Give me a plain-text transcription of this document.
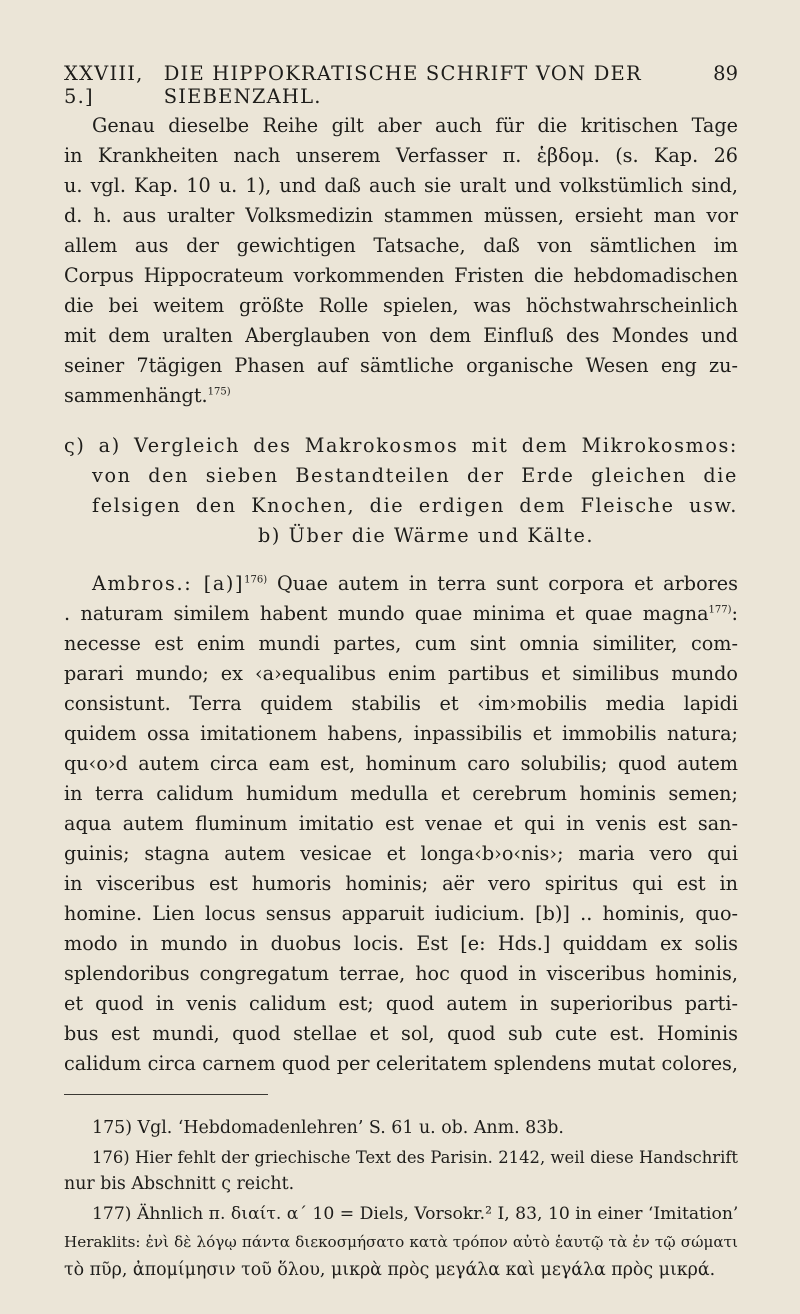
XXVIII, 5.]
DIE HIPPOKRATISCHE SCHRIFT VON DER SIEBENZAHL.
89
Genau dieselbe Reihe gilt aber auch für die kritischen Tage
in Krankheiten nach unserem Verfasser π. ἑβδομ. (s. Kap. 26
u. vgl. Kap. 10 u. 1), und daß auch sie uralt und volkstümlich sind,
d. h. aus uralter Volksmedizin stammen müssen, ersieht man vor
allem aus der gewichtigen Tatsache, daß von sämtlichen im
Corpus Hippocrateum vorkommenden Fristen die hebdomadischen
die bei weitem größte Rolle spielen, was höchstwahrscheinlich
mit dem uralten Aberglauben von dem Einfluß des Mondes und
seiner 7tägigen Phasen auf sämtliche organische Wesen eng zu-
sammenhängt.$^{175)}$
ς) a) Vergleich des Makrokosmos mit dem Mikrokosmos:
von den sieben Bestandteilen der Erde gleichen die
felsigen den Knochen, die erdigen dem Fleische usw.
b) Über die Wärme und Kälte.
Ambros.: $[a)]^{176)}$ Quae autem in terra sunt corpora et arbores
. naturam similem habent mundo quae minima et quae magna$^{177)}$:
necesse est enim mundi partes, cum sint omnia similiter, com-
parari mundo; ex ‹a›equalibus enim partibus et similibus mundo
consistunt. Terra quidem stabilis et ‹im›mobilis media lapidi
quidem ossa imitationem habens, inpassibilis et immobilis natura;
qu‹o›d autem circa eam est, hominum caro solubilis; quod autem
in terra calidum humidum medulla et cerebrum hominis semen;
aqua autem fluminum imitatio est venae et qui in venis est san-
guinis; stagna autem vesicae et longa‹b›o‹nis›; maria vero qui
in visceribus est humoris hominis; aër vero spiritus qui est in
homine. Lien locus sensus apparuit iudicium. [b)] .. hominis, quo-
modo in mundo in duobus locis. Est [e: Hds.] quiddam ex solis
splendoribus congregatum terrae, hoc quod in visceribus hominis,
et quod in venis calidum est; quod autem in superioribus parti-
bus est mundi, quod stellae et sol, quod sub cute est. Hominis
calidum circa carnem quod per celeritatem splendens mutat colores,
175) Vgl. ‘Hebdomadenlehren’ S. 61 u. ob. Anm. 83b.
176) Hier fehlt der griechische Text des Parisin. 2142, weil diese Handschrift
nur bis Abschnitt ς reicht.
177) Ähnlich π. διαίτ. α´ 10 = Diels, Vorsokr.² I, 83, 10 in einer ‘Imitation’
Heraklits: ἐνὶ δὲ λόγῳ πάντα διεκοσμήσατο κατὰ τρόπον αὐτὸ ἑαυτῷ τὰ ἐν τῷ σώματι
τὸ πῦρ, ἀπομίμησιν τοῦ ὅλου, μικρὰ πρὸς μεγάλα καὶ μεγάλα πρὸς μικρά.
